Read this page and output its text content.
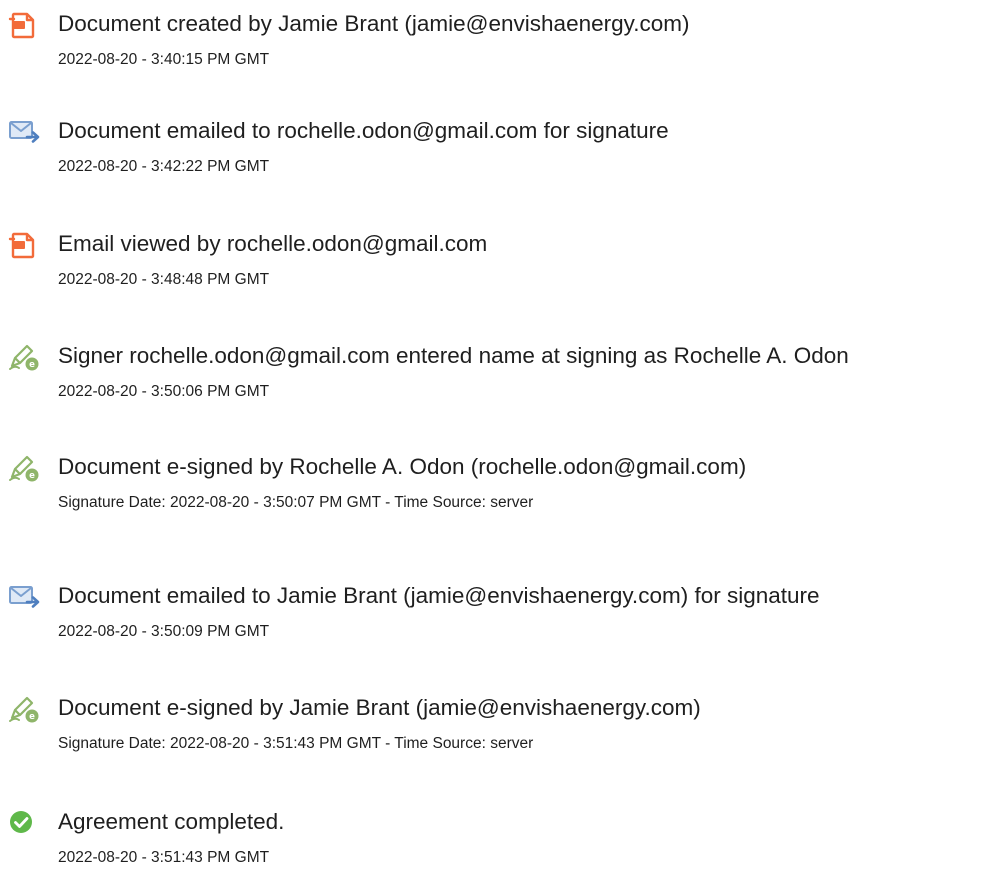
Document created by Jamie Brant (jamie@envishaenergy.com)
2022-08-20 - 3:40:15 PM GMT
Document emailed to rochelle.odon@gmail.com for signature
2022-08-20 - 3:42:22 PM GMT
Email viewed by rochelle.odon@gmail.com
2022-08-20 - 3:48:48 PM GMT
e Signer rochelle.odon@gmail.com entered name at signing as Rochelle A. Odon
2022-08-20 - 3:50:06 PM GMT
e Document e-signed by Rochelle A. Odon (rochelle.odon@gmail.com)
Signature Date: 2022-08-20 - 3:50:07 PM GMT - Time Source: server
Document emailed to Jamie Brant (jamie@envishaenergy.com) for signature
2022-08-20 - 3:50:09 PM GMT
e Document e-signed by Jamie Brant (jamie@envishaenergy.com)
Signature Date: 2022-08-20 - 3:51:43 PM GMT - Time Source: server
Agreement completed.
2022-08-20 - 3:51:43 PM GMT
